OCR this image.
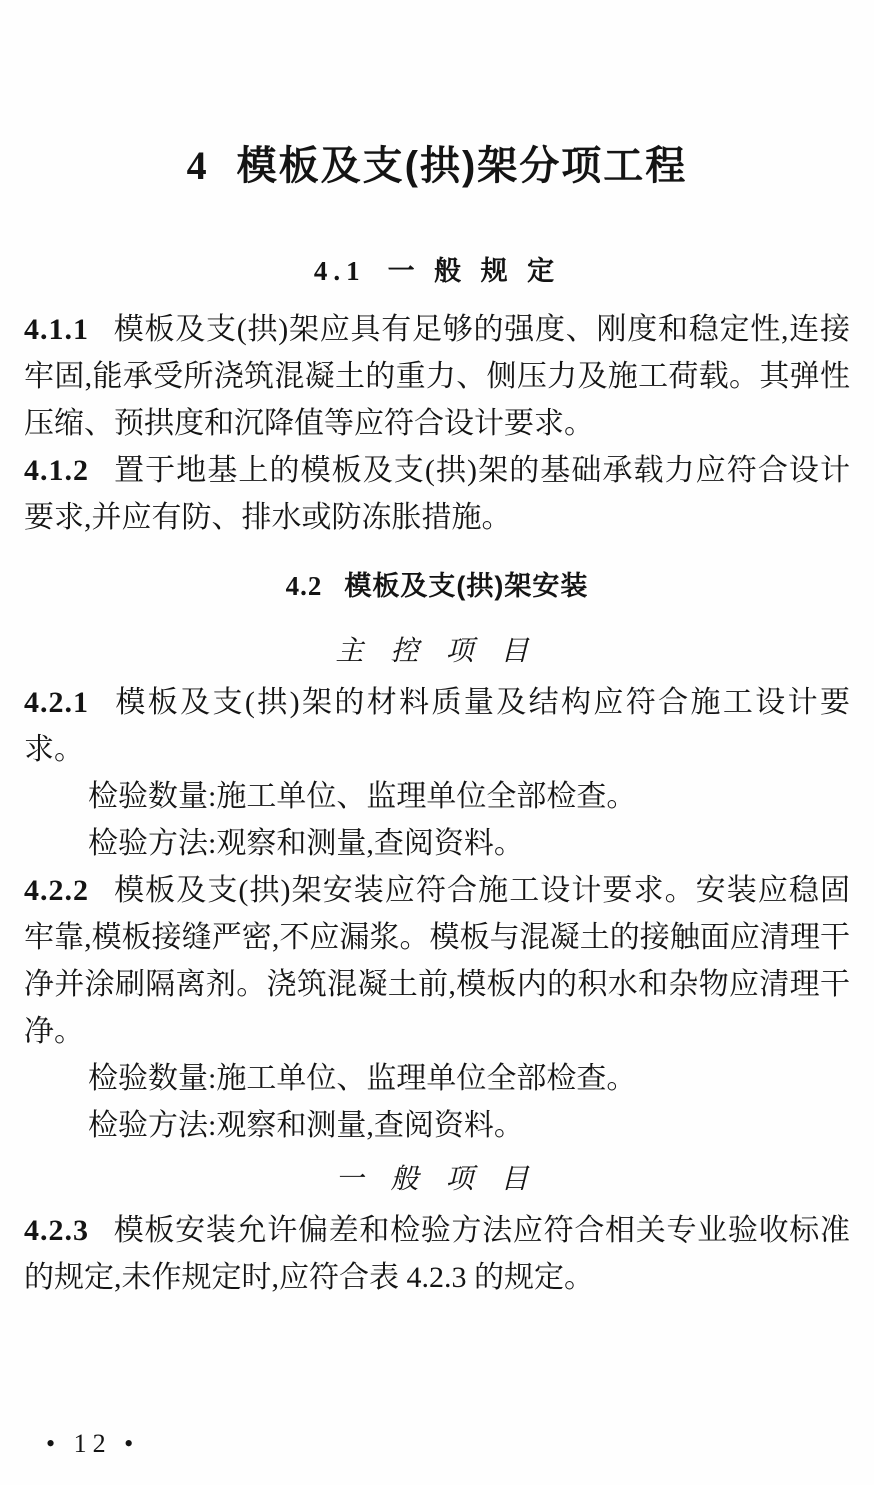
4 模板及支(拱)架分项工程
4.1 一 般 规 定

4.1.1 模板及支(拱)架应具有足够的强度、刚度和稳定性,连接牢固,能承受所浇筑混凝土的重力、侧压力及施工荷载。其弹性压缩、预拱度和沉降值等应符合设计要求。

4.1.2 置于地基上的模板及支(拱)架的基础承载力应符合设计要求,并应有防、排水或防冻胀措施。

4.2 模板及支(拱)架安装
主 控 项 目

4.2.1 模板及支(拱)架的材料质量及结构应符合施工设计要求。

检验数量:施工单位、监理单位全部检查。

检验方法:观察和测量,查阅资料。

4.2.2 模板及支(拱)架安装应符合施工设计要求。安装应稳固牢靠,模板接缝严密,不应漏浆。模板与混凝土的接触面应清理干净并涂刷隔离剂。浇筑混凝土前,模板内的积水和杂物应清理干净。

检验数量:施工单位、监理单位全部检查。

检验方法:观察和测量,查阅资料。

一 般 项 目

4.2.3 模板安装允许偏差和检验方法应符合相关专业验收标准的规定,未作规定时,应符合表 4.2.3 的规定。

• 12 •
